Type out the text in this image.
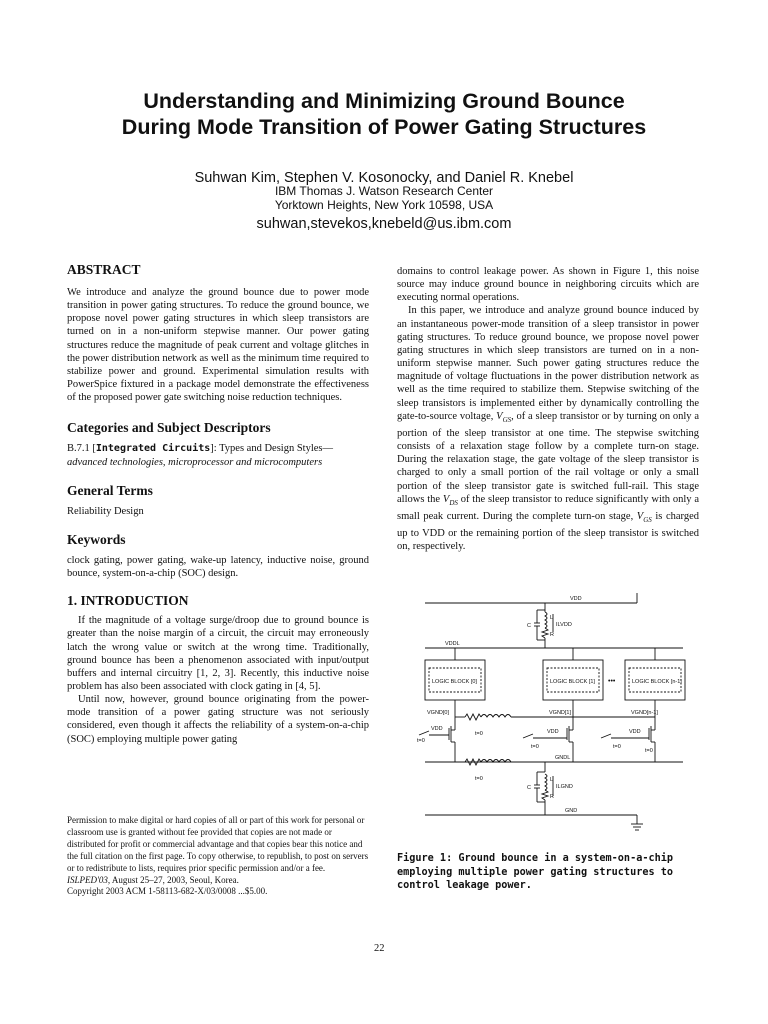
Understanding and Minimizing Ground Bounce
During Mode Transition of Power Gating Structures
Suhwan Kim, Stephen V. Kosonocky, and Daniel R. Knebel
IBM Thomas J. Watson Research Center
Yorktown Heights, New York 10598, USA
suhwan,stevekos,knebeld@us.ibm.com
ABSTRACT
We introduce and analyze the ground bounce due to power mode transition in power gating structures. To reduce the ground bounce, we propose novel power gating structures in which sleep transistors are turned on in a non-uniform stepwise manner. Our power gating structures reduce the magnitude of peak current and voltage glitches in the power distribution network as well as the minimum time required to stabilize power and ground. Experimental simulation results with PowerSpice fixtured in a package model demonstrate the effectiveness of the proposed power gate switching noise reduction techniques.
Categories and Subject Descriptors
B.7.1 [Integrated Circuits]: Types and Design Styles—
advanced technologies, microprocessor and microcomputers
General Terms
Reliability Design
Keywords
clock gating, power gating, wake-up latency, inductive noise, ground bounce, system-on-a-chip (SOC) design.
1. INTRODUCTION

If the magnitude of a voltage surge/droop due to ground bounce is greater than the noise margin of a circuit, the circuit may erroneously latch the wrong value or switch at the wrong time. Traditionally, ground bounce has been a phenomenon associated with input/output buffers and internal circuitry [1, 2, 3]. Recently, this inductive noise problem has also been associated with clock gating in [4, 5].

Until now, however, ground bounce originating from the power-mode transition of a power gating structure was not seriously considered, even though it affects the reliability of a system-on-a-chip (SOC) employing multiple power gating

Permission to make digital or hard copies of all or part of this work for personal or classroom use is granted without fee provided that copies are not made or distributed for profit or commercial advantage and that copies bear this notice and the full citation on the first page. To copy otherwise, to republish, to post on servers or to redistribute to lists, requires prior specific permission and/or a fee.
ISLPED'03, August 25–27, 2003, Seoul, Korea.
Copyright 2003 ACM 1-58113-682-X/03/0008 ...$5.00.

domains to control leakage power. As shown in Figure 1, this noise source may induce ground bounce in neighboring circuits which are executing normal operations.

In this paper, we introduce and analyze ground bounce induced by an instantaneous power-mode transition of a sleep transistor in power gating structures. To reduce ground bounce, we propose novel power gating structures in which sleep transistors are turned on in a non-uniform stepwise manner. Such power gating structures reduce the magnitude of voltage fluctuations in the power distribution network as well as the time required to stabilize them. Stepwise switching of the sleep transistors is implemented either by dynamically controlling the gate-to-source voltage, $V_{GS}$, of a sleep transistor or by turning on only a portion of the sleep transistor at one time. The stepwise switching consists of a relaxation stage follow by a complete turn-on stage. During the relaxation stage, the gate voltage of the sleep transistor is charged to only a small portion of the rail voltage or only a small portion of the sleep transistor gate is switched full-rail. This stage allows the $V_{DS}$ of the sleep transistor to reduce significantly with only a small peak current. During the complete turn-on stage, $V_{GS}$ is charged up to VDD or the remaining portion of the sleep transistor is switched on, respectively.

VDD
VDDL
C
L
R
ILVDD
LOGIC BLOCK [0]	LOGIC BLOCK [1]	LOGIC BLOCK [n-1]
•••
VGND[0]	VGND[1]	VGND[n-1]
VDD	VDD	VDD
t=0
t=0
t=0	t=0
t=0
t=0
GNDL
C
L
R
ILGND
GND
Figure 1: Ground bounce in a system-on-a-chip employing multiple power gating structures to control leakage power.
22
